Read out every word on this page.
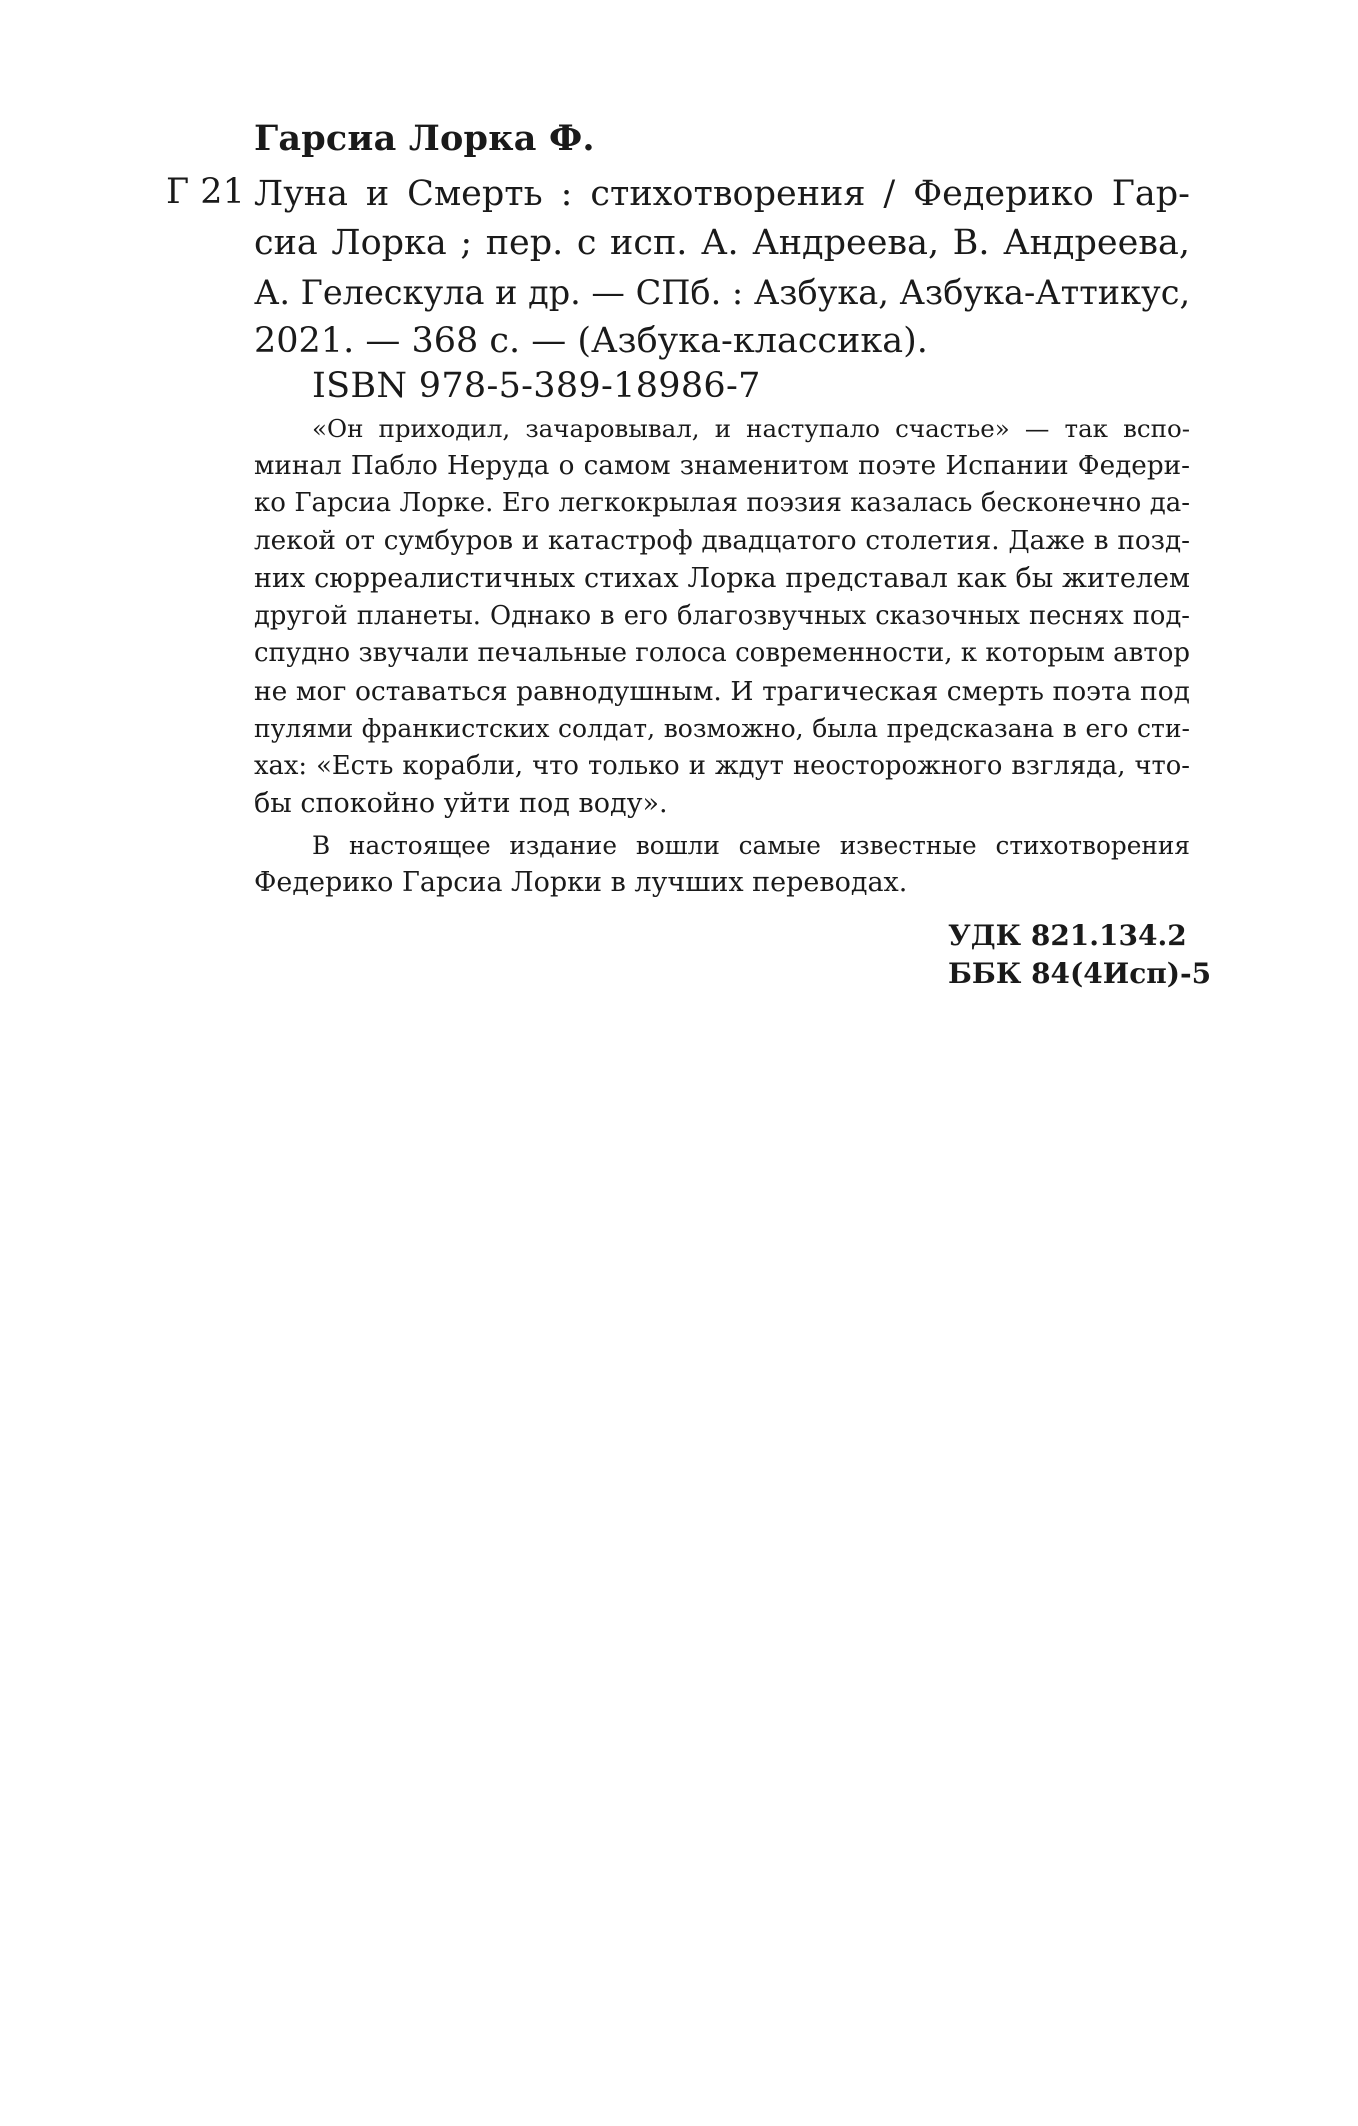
Гарсиа Лорка Ф.
Г 21 Луна и Смерть : стихотворения / Федерико Гар-
сиа Лорка ; пер. с исп. А. Андреева, В. Андреева,
А. Гелескула и др. — СПб. : Азбука, Азбука-Аттикус,
2021. — 368 с. — (Азбука-классика).
ISBN 978-5-389-18986-7
«Он приходил, зачаровывал, и наступало счастье» — так вспо-
минал Пабло Неруда о самом знаменитом поэте Испании Федери-
ко Гарсиа Лорке. Его легкокрылая поэзия казалась бесконечно да-
лекой от сумбуров и катастроф двадцатого столетия. Даже в позд-
них сюрреалистичных стихах Лорка представал как бы жителем
другой планеты. Однако в его благозвучных сказочных песнях под-
спудно звучали печальные голоса современности, к которым автор
не мог оставаться равнодушным. И трагическая смерть поэта под
пулями франкистских солдат, возможно, была предсказана в его сти-
хах: «Есть корабли, что только и ждут неосторожного взгляда, что-
бы спокойно уйти под воду».
В настоящее издание вошли самые известные стихотворения
Федерико Гарсиа Лорки в лучших переводах.
УДК 821.134.2
ББК 84(4Исп)-5
